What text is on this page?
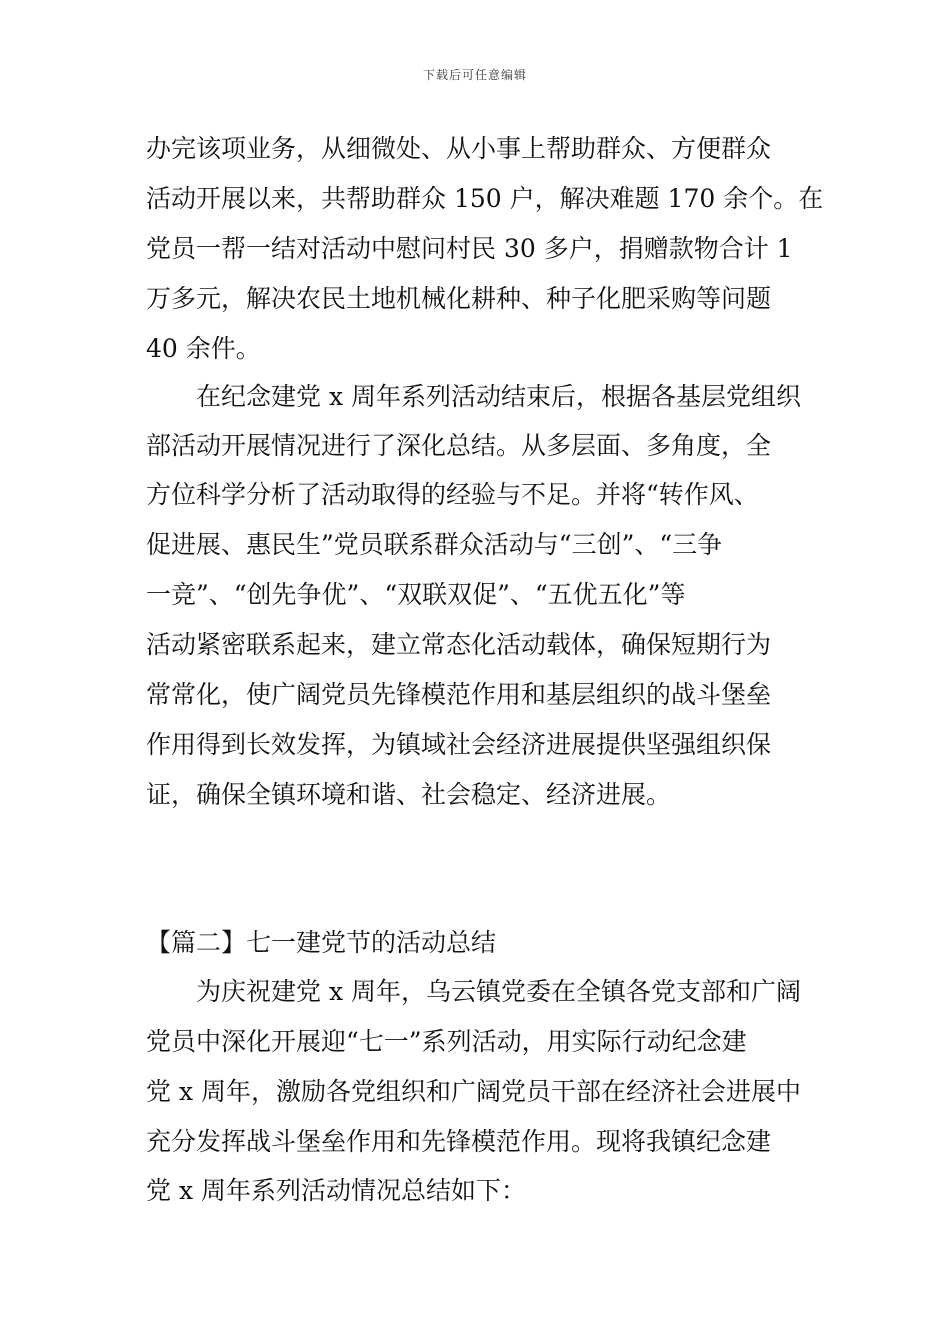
下载后可任意编辑
办完该项业务，从细微处、从小事上帮助群众、方便群众
活动开展以来，共帮助群众 150 户，解决难题 170 余个。在
党员一帮一结对活动中慰问村民 30 多户，捐赠款物合计 1
万多元，解决农民土地机械化耕种、种子化肥采购等问题
40 余件。
在纪念建党 x 周年系列活动结束后，根据各基层党组织
部活动开展情况进行了深化总结。从多层面、多角度，全
方位科学分析了活动取得的经验与不足。并将“转作风、
促进展、惠民生”党员联系群众活动与“三创”、“三争
一竞”、“创先争优”、“双联双促”、“五优五化”等
活动紧密联系起来，建立常态化活动载体，确保短期行为
常常化，使广阔党员先锋模范作用和基层组织的战斗堡垒
作用得到长效发挥，为镇域社会经济进展提供坚强组织保
证，确保全镇环境和谐、社会稳定、经济进展。
【篇二】七一建党节的活动总结
为庆祝建党 x 周年，乌云镇党委在全镇各党支部和广阔
党员中深化开展迎“七一”系列活动，用实际行动纪念建
党 x 周年，激励各党组织和广阔党员干部在经济社会进展中
充分发挥战斗堡垒作用和先锋模范作用。现将我镇纪念建
党 x 周年系列活动情况总结如下：
